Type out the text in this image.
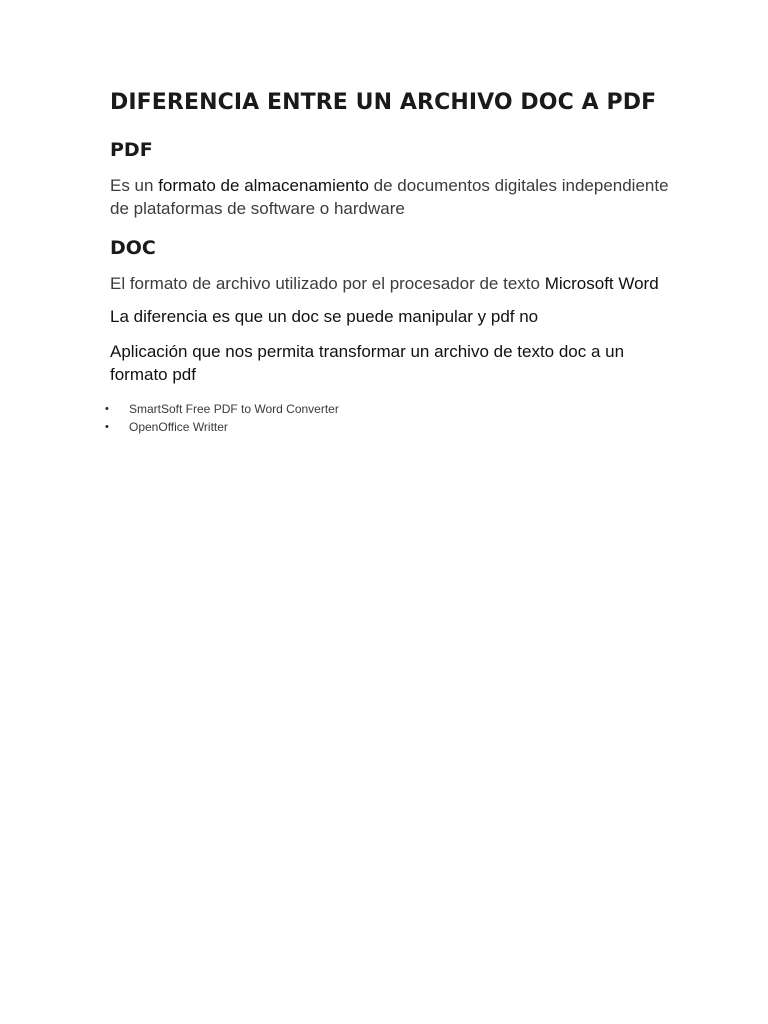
DIFERENCIA ENTRE UN ARCHIVO DOC A PDF
PDF

Es un formato de almacenamiento de documentos digitales independiente de plataformas de software o hardware

DOC

El formato de archivo utilizado por el procesador de texto Microsoft Word

La diferencia es que un doc se puede manipular y pdf no

Aplicación que nos permita transformar un archivo de texto doc a un formato pdf

• SmartSoft Free PDF to Word Converter
• OpenOffice Writter
